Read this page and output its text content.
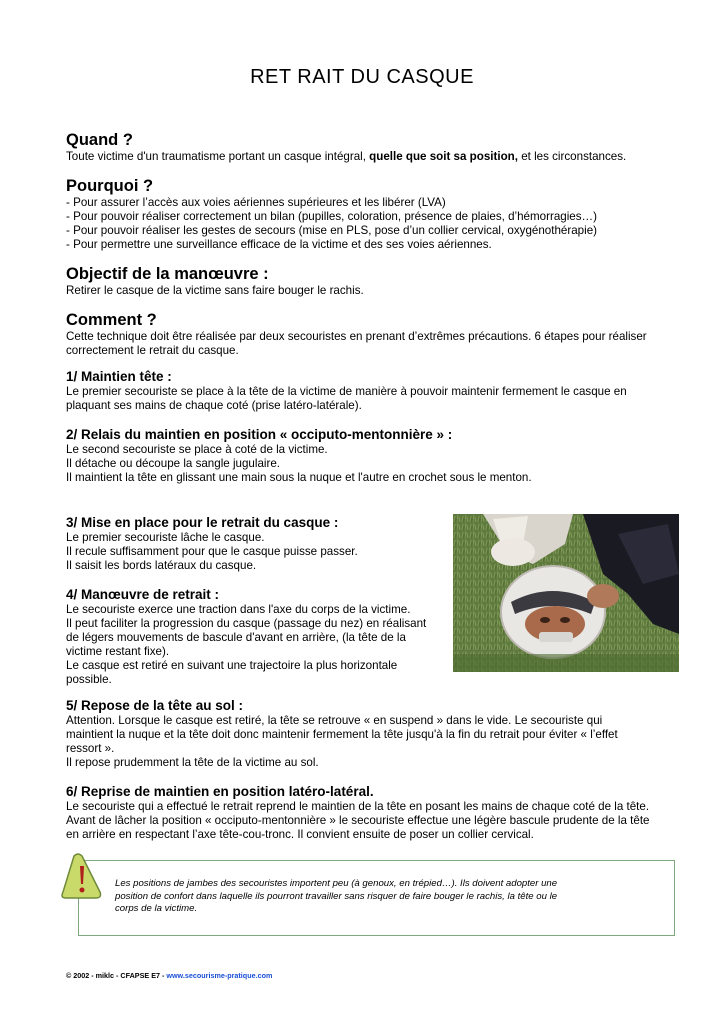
RET RAIT DU CASQUE
Quand ?

Toute victime d'un traumatisme portant un casque intégral, quelle que soit sa position, et les circonstances.

Pourquoi ?

- Pour assurer l’accès aux voies aériennes supérieures et les libérer (LVA)
- Pour pouvoir réaliser correctement un bilan (pupilles, coloration, présence de plaies, d’hémorragies…)
- Pour pouvoir réaliser les gestes de secours (mise en PLS, pose d’un collier cervical, oxygénothérapie)
- Pour permettre une surveillance efficace de la victime et des ses voies aériennes.

Objectif de la manœuvre :

Retirer le casque de la victime sans faire bouger le rachis.

Comment ?

Cette technique doit être réalisée par deux secouristes en prenant d’extrêmes précautions. 6 étapes pour réaliser
correctement le retrait du casque.

1/ Maintien tête :

Le premier secouriste se place à la tête de la victime de manière à pouvoir maintenir fermement le casque en
plaquant ses mains de chaque coté (prise latéro-latérale).

2/ Relais du maintien en position « occiputo-mentonnière » :

Le second secouriste se place à coté de la victime.
Il détache ou découpe la sangle jugulaire.
Il maintient la tête en glissant une main sous la nuque et l'autre en crochet sous le menton.

3/ Mise en place pour le retrait du casque :

Le premier secouriste lâche le casque.
Il recule suffisamment pour que le casque puisse passer.
Il saisit les bords latéraux du casque.

4/ Manœuvre de retrait :

Le secouriste exerce une traction dans l'axe du corps de la victime.
Il peut faciliter la progression du casque (passage du nez) en réalisant
de légers mouvements de bascule d'avant en arrière, (la tête de la
victime restant fixe).
Le casque est retiré en suivant une trajectoire la plus horizontale
possible.

5/ Repose de la tête au sol :

Attention. Lorsque le casque est retiré, la tête se retrouve « en suspend » dans le vide. Le secouriste qui
maintient la nuque et la tête doit donc maintenir fermement la tête jusqu'à la fin du retrait pour éviter « l’effet
ressort ».
Il repose prudemment la tête de la victime au sol.

6/ Reprise de maintien en position latéro-latéral.

Le secouriste qui a effectué le retrait reprend le maintien de la tête en posant les mains de chaque coté de la tête.
Avant de lâcher la position « occiputo-mentonnière » le secouriste effectue une légère bascule prudente de la tête
en arrière en respectant l’axe tête-cou-tronc. Il convient ensuite de poser un collier cervical.

Les positions de jambes des secouristes importent peu (à genoux, en trépied…). Ils doivent adopter une
position de confort dans laquelle ils pourront travailler sans risquer de faire bouger le rachis, la tête ou le
corps de la victime.

© 2002 - miklc - CFAPSE E7 - www.secourisme-pratique.com
